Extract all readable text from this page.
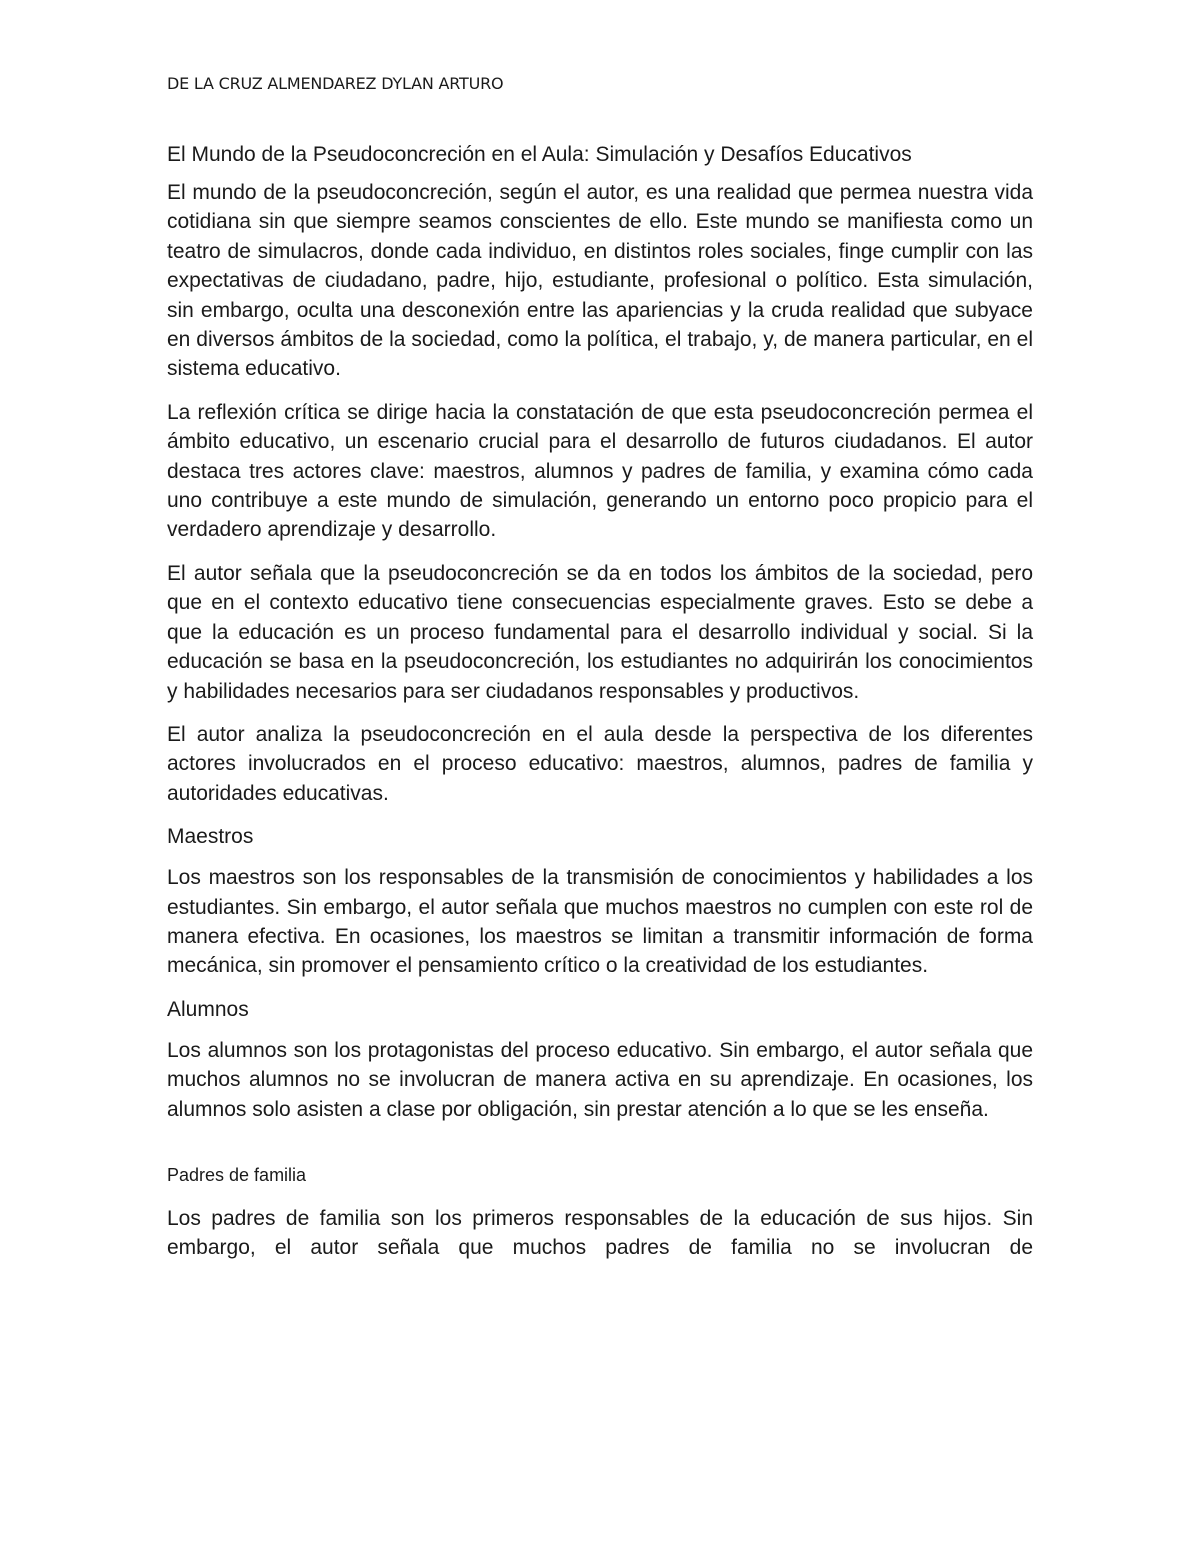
DE LA CRUZ ALMENDAREZ DYLAN ARTURO
El Mundo de la Pseudoconcreción en el Aula: Simulación y Desafíos Educativos

El mundo de la pseudoconcreción, según el autor, es una realidad que permea nuestra vida cotidiana sin que siempre seamos conscientes de ello. Este mundo se manifiesta como un teatro de simulacros, donde cada individuo, en distintos roles sociales, finge cumplir con las expectativas de ciudadano, padre, hijo, estudiante, profesional o político. Esta simulación, sin embargo, oculta una desconexión entre las apariencias y la cruda realidad que subyace en diversos ámbitos de la sociedad, como la política, el trabajo, y, de manera particular, en el sistema educativo.

La reflexión crítica se dirige hacia la constatación de que esta pseudoconcreción permea el ámbito educativo, un escenario crucial para el desarrollo de futuros ciudadanos. El autor destaca tres actores clave: maestros, alumnos y padres de familia, y examina cómo cada uno contribuye a este mundo de simulación, generando un entorno poco propicio para el verdadero aprendizaje y desarrollo.

El autor señala que la pseudoconcreción se da en todos los ámbitos de la sociedad, pero que en el contexto educativo tiene consecuencias especialmente graves. Esto se debe a que la educación es un proceso fundamental para el desarrollo individual y social. Si la educación se basa en la pseudoconcreción, los estudiantes no adquirirán los conocimientos y habilidades necesarios para ser ciudadanos responsables y productivos.

El autor analiza la pseudoconcreción en el aula desde la perspectiva de los diferentes actores involucrados en el proceso educativo: maestros, alumnos, padres de familia y autoridades educativas.

Maestros

Los maestros son los responsables de la transmisión de conocimientos y habilidades a los estudiantes. Sin embargo, el autor señala que muchos maestros no cumplen con este rol de manera efectiva. En ocasiones, los maestros se limitan a transmitir información de forma mecánica, sin promover el pensamiento crítico o la creatividad de los estudiantes.

Alumnos

Los alumnos son los protagonistas del proceso educativo. Sin embargo, el autor señala que muchos alumnos no se involucran de manera activa en su aprendizaje. En ocasiones, los alumnos solo asisten a clase por obligación, sin prestar atención a lo que se les enseña.

Padres de familia

Los padres de familia son los primeros responsables de la educación de sus hijos. Sin embargo, el autor señala que muchos padres de familia no se involucran de
